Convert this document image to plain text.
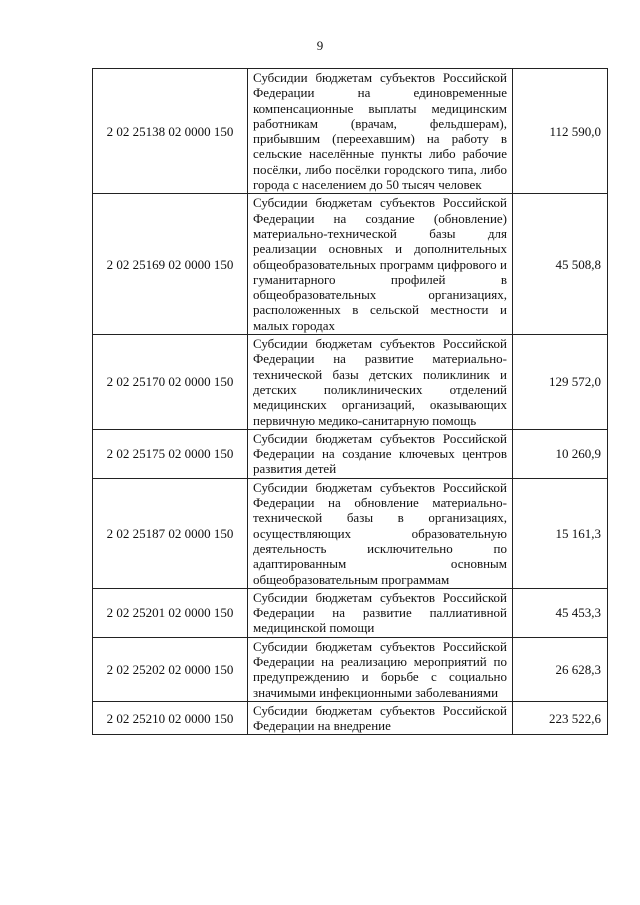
9
2 02 25138 02 0000 150	Субсидии бюджетам субъектов Российской Федерации на единовременные компенсационные выплаты медицинским работникам (врачам, фельдшерам), прибывшим (переехавшим) на работу в сельские населённые пункты либо рабочие посёлки, либо посёлки городского типа, либо города с населением до 50 тысяч человек	112 590,0
2 02 25169 02 0000 150	Субсидии бюджетам субъектов Российской Федерации на создание (обновление) материально-технической базы для реализации основных и дополнительных общеобразовательных программ цифрового и гуманитарного профилей в общеобразовательных организациях, расположенных в сельской местности и малых городах	45 508,8
2 02 25170 02 0000 150	Субсидии бюджетам субъектов Российской Федерации на развитие материально-технической базы детских поликлиник и детских поликлинических отделений медицинских организаций, оказывающих первичную медико-санитарную помощь	129 572,0
2 02 25175 02 0000 150	Субсидии бюджетам субъектов Российской Федерации на создание ключевых центров развития детей	10 260,9
2 02 25187 02 0000 150	Субсидии бюджетам субъектов Российской Федерации на обновление материально-технической базы в организациях, осуществляющих образовательную деятельность исключительно по адаптированным основным общеобразовательным программам	15 161,3
2 02 25201 02 0000 150	Субсидии бюджетам субъектов Российской Федерации на развитие паллиативной медицинской помощи	45 453,3
2 02 25202 02 0000 150	Субсидии бюджетам субъектов Российской Федерации на реализацию мероприятий по предупреждению и борьбе с социально значимыми инфекционными заболеваниями	26 628,3
2 02 25210 02 0000 150	Субсидии бюджетам субъектов Российской Федерации на внедрение	223 522,6
